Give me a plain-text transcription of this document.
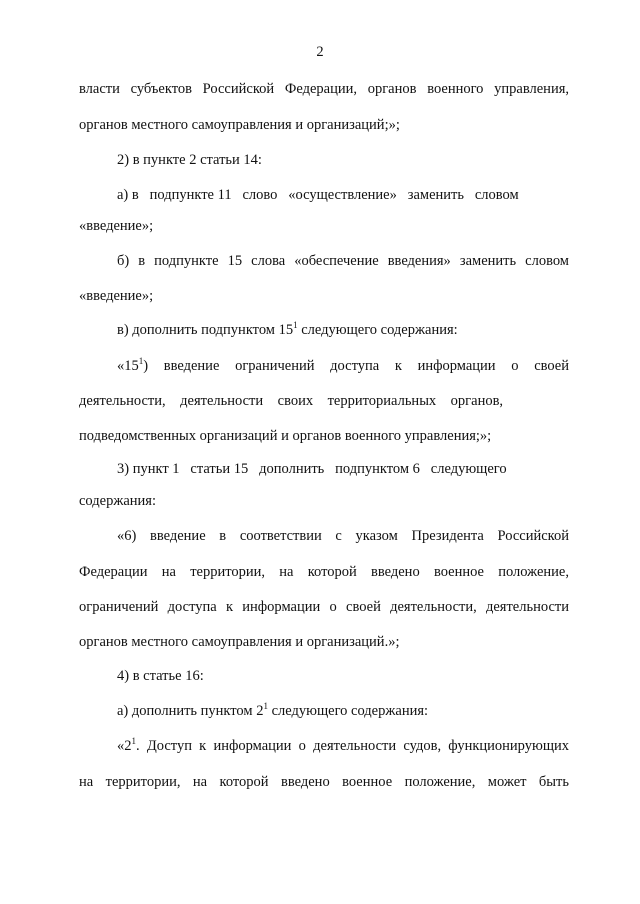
2
власти субъектов Российской Федерации, органов военного управления,
органов местного самоуправления и организаций;»;
2) в пункте 2 статьи 14:
а) в   подпункте 11   слово   «осуществление»   заменить   словом
«введение»;
б) в подпункте 15 слова «обеспечение введения» заменить словом
«введение»;
в) дополнить подпунктом $15^1$ следующего содержания:
«$15^1$) введение ограничений доступа к информации о своей
деятельности,    деятельности    своих    территориальных    органов,
подведомственных организаций и органов военного управления;»;
3) пункт 1   статьи 15   дополнить   подпунктом 6   следующего
содержания:
«6) введение в соответствии с указом Президента Российской
Федерации на территории, на которой введено военное положение,
ограничений доступа к информации о своей деятельности, деятельности
органов местного самоуправления и организаций.»;
4) в статье 16:
а) дополнить пунктом $2^1$ следующего содержания:
«$2^1$. Доступ к информации о деятельности судов, функционирующих
на территории, на которой введено военное положение, может быть
